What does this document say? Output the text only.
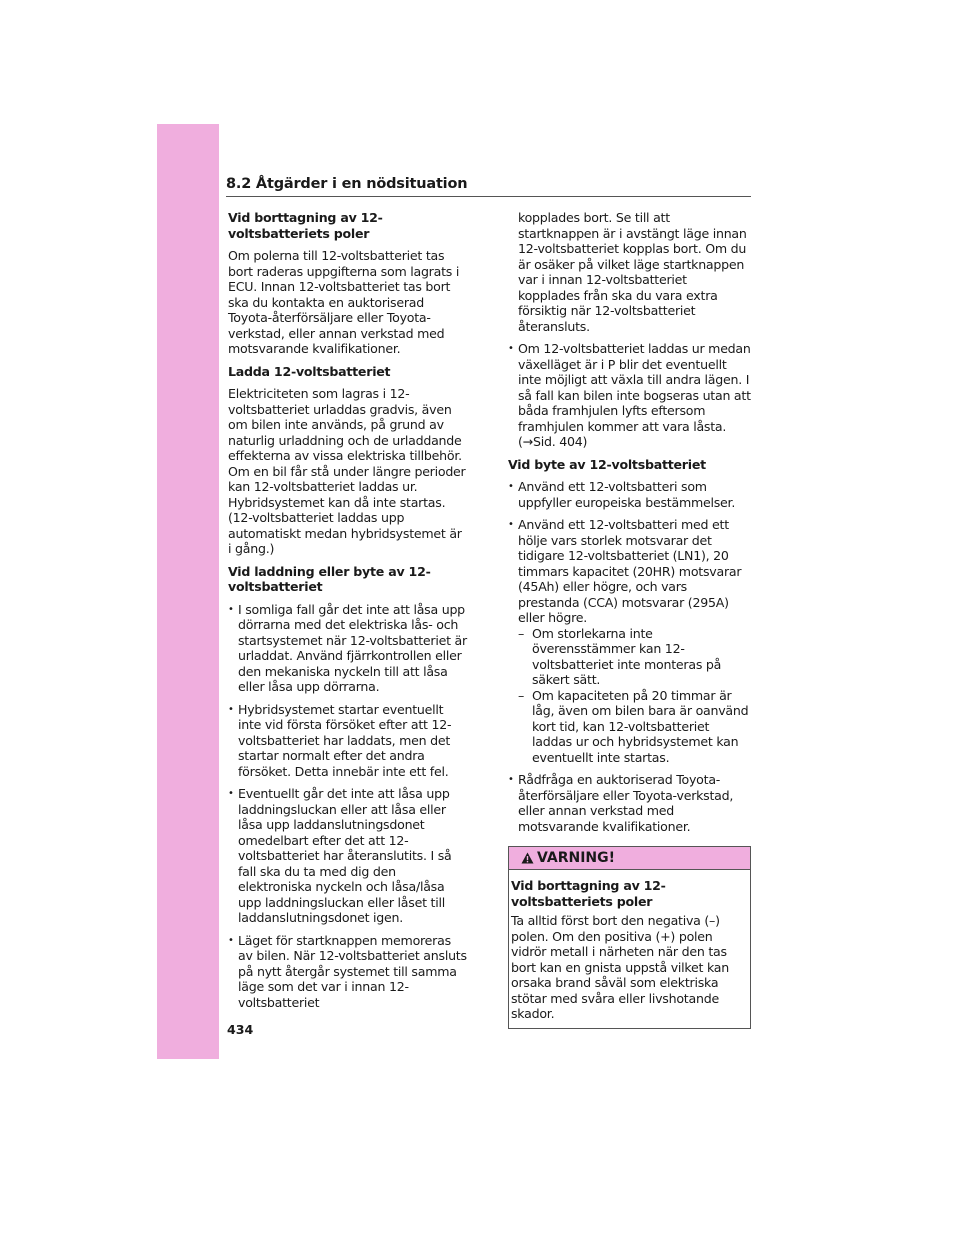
8.2 Åtgärder i en nödsituation
Vid borttagning av 12-voltsbatteriets poler

Om polerna till 12-voltsbatteriet tas bort raderas uppgifterna som lagrats i ECU. Innan 12-voltsbatteriet tas bort ska du kontakta en auktoriserad Toyota-återförsäljare eller Toyota-verkstad, eller annan verkstad med motsvarande kvalifikationer.

Ladda 12-voltsbatteriet

Elektriciteten som lagras i 12-voltsbatteriet urladdas gradvis, även om bilen inte används, på grund av naturlig urladdning och de urladdande effekterna av vissa elektriska tillbehör. Om en bil får stå under längre perioder kan 12-voltsbatteriet laddas ur. Hybridsystemet kan då inte startas. (12-voltsbatteriet laddas upp automatiskt medan hybridsystemet är i gång.)

Vid laddning eller byte av 12-voltsbatteriet
• I somliga fall går det inte att låsa upp dörrarna med det elektriska lås- och startsystemet när 12-voltsbatteriet är urladdat. Använd fjärrkontrollen eller den mekaniska nyckeln till att låsa eller låsa upp dörrarna.
• Hybridsystemet startar eventuellt inte vid första försöket efter att 12-voltsbatteriet har laddats, men det startar normalt efter det andra försöket. Detta innebär inte ett fel.
• Eventuellt går det inte att låsa upp laddningsluckan eller att låsa eller låsa upp laddanslutningsdonet omedelbart efter det att 12-voltsbatteriet har återanslutits. I så fall ska du ta med dig den elektroniska nyckeln och låsa/låsa upp laddningsluckan eller låset till laddanslutningsdonet igen.
• Läget för startknappen memoreras av bilen. När 12-voltsbatteriet ansluts på nytt återgår systemet till samma läge som det var i innan 12-voltsbatteriet
kopplades bort. Se till att startknappen är i avstängt läge innan 12-voltsbatteriet kopplas bort. Om du är osäker på vilket läge startknappen var i innan 12-voltsbatteriet kopplades från ska du vara extra försiktig när 12-voltsbatteriet återansluts.
• Om 12-voltsbatteriet laddas ur medan växelläget är i P blir det eventuellt inte möjligt att växla till andra lägen. I så fall kan bilen inte bogseras utan att båda framhjulen lyfts eftersom framhjulen kommer att vara låsta. (→Sid. 404)
Vid byte av 12-voltsbatteriet
• Använd ett 12-voltsbatteri som uppfyller europeiska bestämmelser.
• Använd ett 12-voltsbatteri med ett hölje vars storlek motsvarar det tidigare 12-voltsbatteriet (LN1), 20 timmars kapacitet (20HR) motsvarar (45Ah) eller högre, och vars prestanda (CCA) motsvarar (295A) eller högre.
– Om storlekarna inte överensstämmer kan 12-voltsbatteriet inte monteras på säkert sätt.
– Om kapaciteten på 20 timmar är låg, även om bilen bara är oanvänd kort tid, kan 12-voltsbatteriet laddas ur och hybridsystemet kan eventuellt inte startas.
• Rådfråga en auktoriserad Toyota-återförsäljare eller Toyota-verkstad, eller annan verkstad med motsvarande kvalifikationer.
VARNING!
Vid borttagning av 12-voltsbatteriets poler

Ta alltid först bort den negativa (–) polen. Om den positiva (+) polen vidrör metall i närheten när den tas bort kan en gnista uppstå vilket kan orsaka brand såväl som elektriska stötar med svåra eller livshotande skador.

434
